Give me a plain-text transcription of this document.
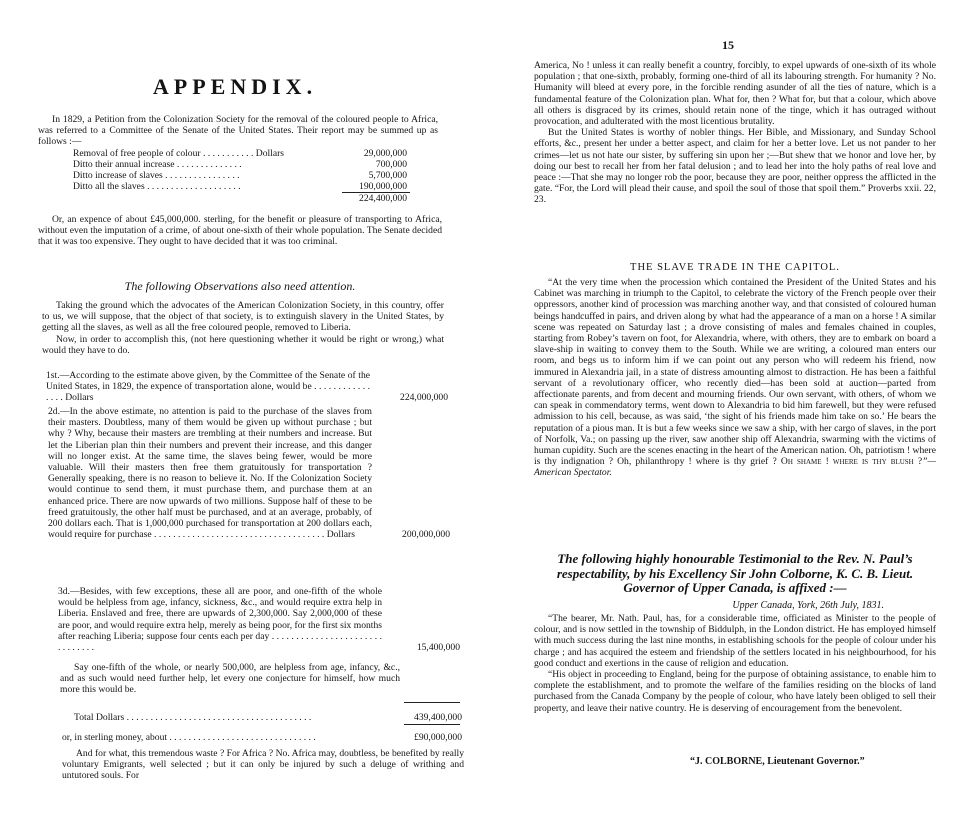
APPENDIX.

In 1829, a Petition from the Colonization Society for the removal of the coloured people to Africa, was referred to a Committee of the Senate of the United States. Their report may be summed up as follows :—

Removal of free people of colour . . . . . . . . . . . Dollars	29,000,000
Ditto their annual increase . . . . . . . . . . . . . .	700,000
Ditto increase of slaves . . . . . . . . . . . . . . . .	5,700,000
Ditto all the slaves . . . . . . . . . . . . . . . . . . . .	190,000,000
	224,400,000

Or, an expence of about £45,000,000. sterling, for the benefit or pleasure of transporting to Africa, without even the imputation of a crime, of about one-sixth of their whole population. The Senate decided that it was too expensive. They ought to have decided that it was too criminal.

The following Observations also need attention.

Taking the ground which the advocates of the American Colonization Society, in this country, offer to us, we will suppose, that the object of that society, is to extinguish slavery in the United States, by getting all the slaves, as well as all the free coloured people, removed to Liberia.

Now, in order to accomplish this, (not here questioning whether it would be right or wrong,) what would they have to do.

1st.—According to the estimate above given, by the Committee of the Senate of the United States, in 1829, the expence of transportation alone, would be . . . . . . . . . . . . . . . . Dollars	224,000,000
2d.—In the above estimate, no attention is paid to the purchase of the slaves from their masters. Doubtless, many of them would be given up without purchase ; but why ? Why, because their masters are trembling at their numbers and increase. But let the Liberian plan thin their numbers and prevent their increase, and this danger will no longer exist. At the same time, the slaves being fewer, would be more valuable. Will their masters then free them gratuitously for transportation ? Generally speaking, there is no reason to believe it. No. If the Colonization Society would continue to send them, it must purchase them, and purchase them at an enhanced price. There are now upwards of two millions. Suppose half of these to be freed gratuitously, the other half must be purchased, and at an average, probably, of 200 dollars each. That is 1,000,000 purchased for transportation at 200 dollars each, would require for purchase . . . . . . . . . . . . . . . . . . . . . . . . . . . . . . . . . . . . Dollars	200,000,000
3d.—Besides, with few exceptions, these all are poor, and one-fifth of the whole would be helpless from age, infancy, sickness, &c., and would require extra help in Liberia. Enslaved and free, there are upwards of 2,300,000. Say 2,000,000 of these are poor, and would require extra help, merely as being poor, for the first six months after reaching Liberia; suppose four cents each per day . . . . . . . . . . . . . . . . . . . . . . . . . . . . . . .	15,400,000

Say one-fifth of the whole, or nearly 500,000, are helpless from age, infancy, &c., and as such would need further help, let every one conjecture for himself, how much more this would be.

Total Dollars . . . . . . . . . . . . . . . . . . . . . . . . . . . . . . . . . . . . . . .	439,400,000
or, in sterling money, about . . . . . . . . . . . . . . . . . . . . . . . . . . . . . . .	£90,000,000

And for what, this tremendous waste ? For Africa ? No. Africa may, doubtless, be benefited by really voluntary Emigrants, well selected ; but it can only be injured by such a deluge of writhing and untutored souls. For

15

America, No ! unless it can really benefit a country, forcibly, to expel upwards of one-sixth of its whole population ; that one-sixth, probably, forming one-third of all its labouring strength. For humanity ? No. Humanity will bleed at every pore, in the forcible rending asunder of all the ties of nature, which is a fundamental feature of the Colonization plan. What for, then ? What for, but that a colour, which above all others is disgraced by its crimes, should retain none of the tinge, which it has outraged without provocation, and adulterated with the most licentious brutality.

But the United States is worthy of nobler things. Her Bible, and Missionary, and Sunday School efforts, &c., present her under a better aspect, and claim for her a better love. Let us not pander to her crimes—let us not hate our sister, by suffering sin upon her ;—But shew that we honor and love her, by doing our best to recall her from her fatal delusion ; and to lead her into the holy paths of real love and peace :—That she may no longer rob the poor, because they are poor, neither oppress the afflicted in the gate. “For, the Lord will plead their cause, and spoil the soul of those that spoil them.” Proverbs xxii. 22, 23.

THE SLAVE TRADE IN THE CAPITOL.

“At the very time when the procession which contained the President of the United States and his Cabinet was marching in triumph to the Capitol, to celebrate the victory of the French people over their oppressors, another kind of procession was marching another way, and that consisted of coloured human beings handcuffed in pairs, and driven along by what had the appearance of a man on a horse ! A similar scene was repeated on Saturday last ; a drove consisting of males and females chained in couples, starting from Robey’s tavern on foot, for Alexandria, where, with others, they are to embark on board a slave-ship in waiting to convey them to the South. While we are writing, a coloured man enters our room, and begs us to inform him if we can point out any person who will redeem his friend, now immured in Alexandria jail, in a state of distress amounting almost to distraction. He has been a faithful servant of a revolutionary officer, who recently died—has been sold at auction—parted from affectionate parents, and from decent and mourning friends. Our own servant, with others, of whom we can speak in commendatory terms, went down to Alexandria to bid him farewell, but they were refused admission to his cell, because, as was said, ‘the sight of his friends made him take on so.’ He bears the reputation of a pious man. It is but a few weeks since we saw a ship, with her cargo of slaves, in the port of Norfolk, Va.; on passing up the river, saw another ship off Alexandria, swarming with the victims of human cupidity. Such are the scenes enacting in the heart of the American nation. Oh, patriotism ! where is thy indignation ? Oh, philanthropy ! where is thy grief ? Oh shame ! where is thy blush ?”—American Spectator.

The following highly honourable Testimonial to the Rev. N. Paul’s respectability, by his Excellency Sir John Colborne, K. C. B. Lieut. Governor of Upper Canada, is affixed :—
Upper Canada, York, 26th July, 1831.

“The bearer, Mr. Nath. Paul, has, for a considerable time, officiated as Minister to the people of colour, and is now settled in the township of Biddulph, in the London district. He has employed himself with much success during the last nine months, in establishing schools for the people of colour under his charge ; and has acquired the esteem and friendship of the settlers located in his neighbourhood, for his good conduct and exertions in the cause of religion and education.

“His object in proceeding to England, being for the purpose of obtaining assistance, to enable him to complete the establishment, and to promote the welfare of the families residing on the blocks of land purchased from the Canada Company by the people of colour, who have lately been obliged to sell their property, and leave their native country. He is deserving of encouragement from the benevolent.

“J. COLBORNE, Lieutenant Governor.”
